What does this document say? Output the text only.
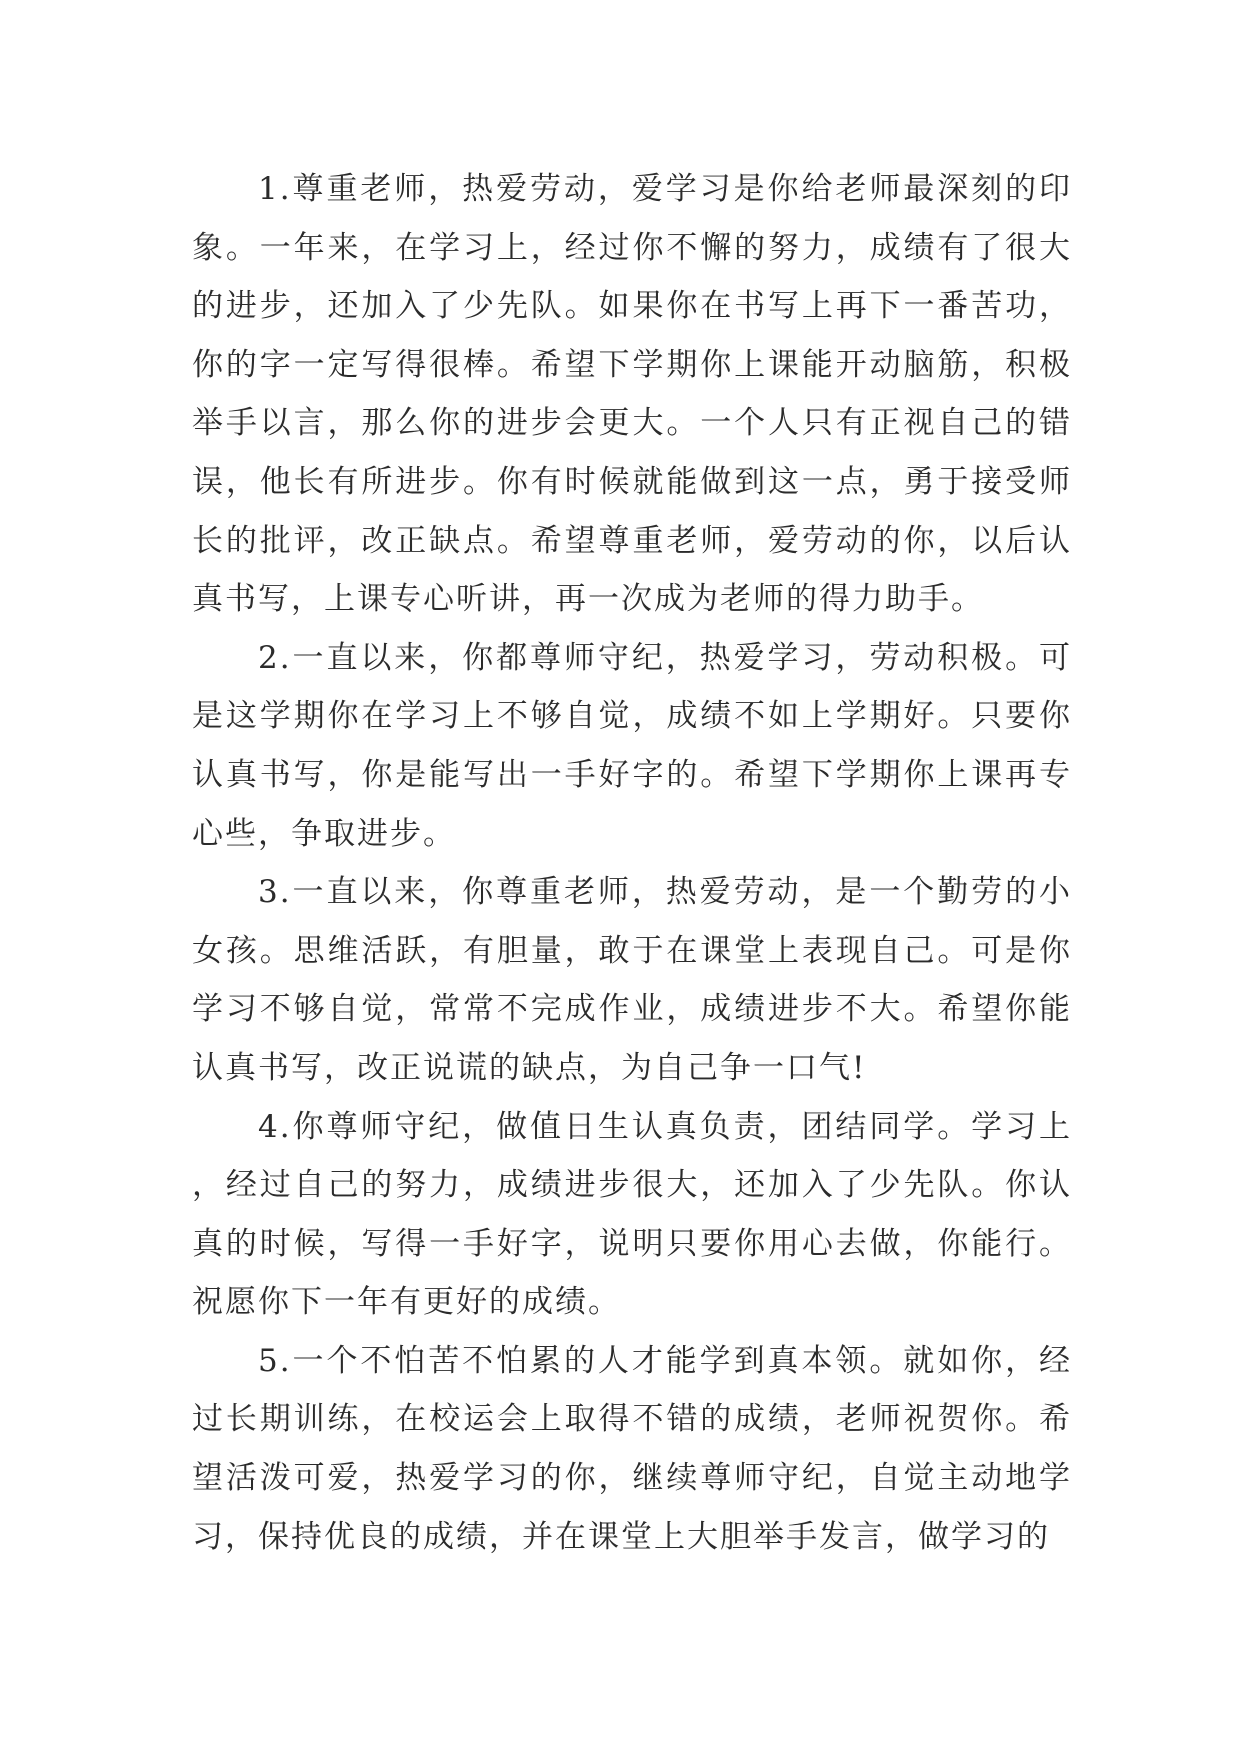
1.尊重老师，热爱劳动，爱学习是你给老师最深刻的印象。一年来，在学习上，经过你不懈的努力，成绩有了很大的进步，还加入了少先队。如果你在书写上再下一番苦功，你的字一定写得很棒。希望下学期你上课能开动脑筋，积极举手以言，那么你的进步会更大。一个人只有正视自己的错误，他长有所进步。你有时候就能做到这一点，勇于接受师长的批评，改正缺点。希望尊重老师，爱劳动的你，以后认真书写，上课专心听讲，再一次成为老师的得力助手。

2.一直以来，你都尊师守纪，热爱学习，劳动积极。可是这学期你在学习上不够自觉，成绩不如上学期好。只要你认真书写，你是能写出一手好字的。希望下学期你上课再专心些，争取进步。

3.一直以来，你尊重老师，热爱劳动，是一个勤劳的小女孩。思维活跃，有胆量，敢于在课堂上表现自己。可是你学习不够自觉，常常不完成作业，成绩进步不大。希望你能认真书写，改正说谎的缺点，为自己争一口气!

4.你尊师守纪，做值日生认真负责，团结同学。学习上，经过自己的努力，成绩进步很大，还加入了少先队。你认真的时候，写得一手好字，说明只要你用心去做，你能行。祝愿你下一年有更好的成绩。

5.一个不怕苦不怕累的人才能学到真本领。就如你，经过长期训练，在校运会上取得不错的成绩，老师祝贺你。希望活泼可爱，热爱学习的你，继续尊师守纪，自觉主动地学习，保持优良的成绩，并在课堂上大胆举手发言，做学习的
